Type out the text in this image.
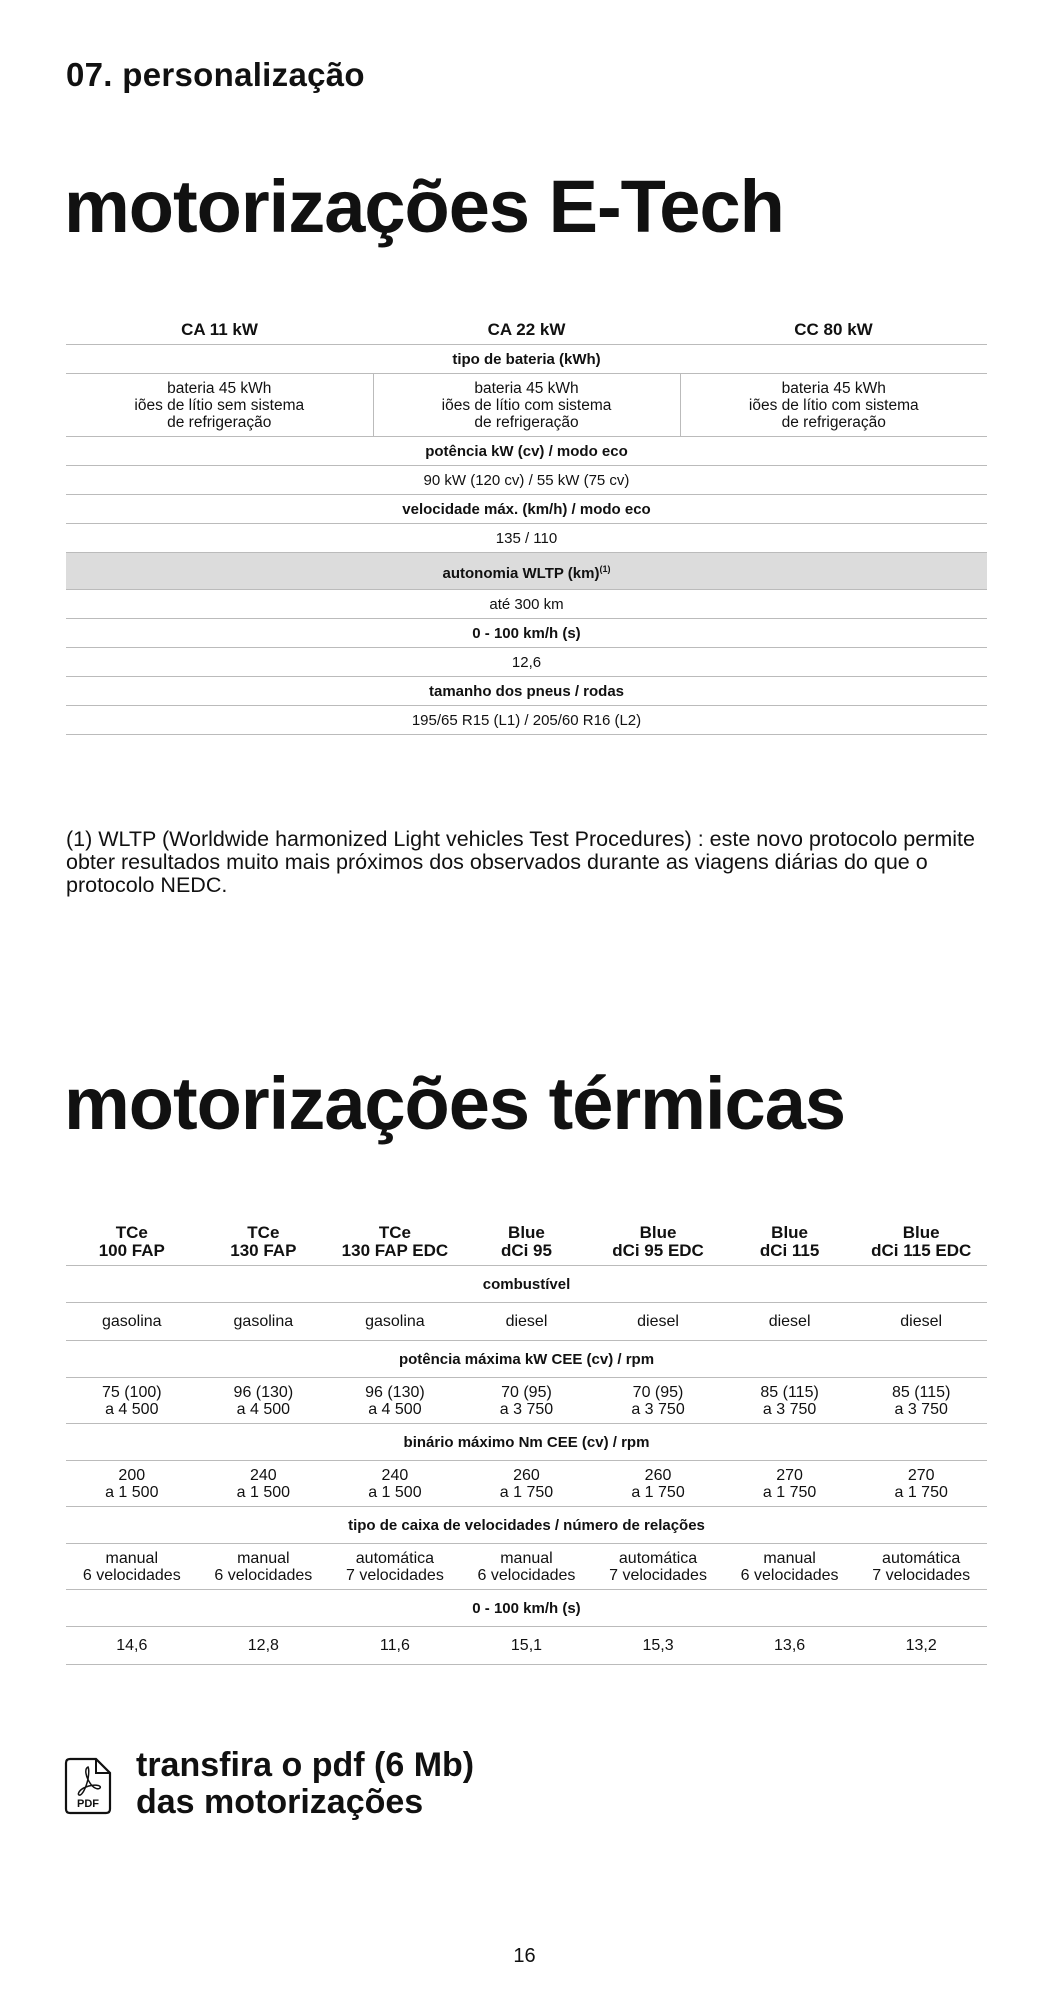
07. personalização

motorizações E-Tech
CA 11 kW	CA 22 kW	CC 80 kW
tipo de bateria (kWh)		
bateria 45 kWh
iões de lítio sem sistema
de refrigeração	bateria 45 kWh
iões de lítio com sistema
de refrigeração	bateria 45 kWh
iões de lítio com sistema
de refrigeração
potência kW (cv) / modo eco		
90 kW (120 cv) / 55 kW (75 cv)		
velocidade máx. (km/h) / modo eco		
135 / 110		
autonomia WLTP (km)$^{(1)}$
até 300 km		
0 - 100 km/h (s)		
12,6		
tamanho dos pneus / rodas		
195/65 R15 (L1) / 205/60 R16 (L2)		

(1) WLTP (Worldwide harmonized Light vehicles Test Procedures) : este novo protocolo permite obter resultados muito mais próximos dos observados durante as viagens diárias do que o protocolo NEDC.

motorizações térmicas
TCe
100 FAP	TCe
130 FAP	TCe
130 FAP EDC	Blue
dCi 95	Blue
dCi 95 EDC	Blue
dCi 115	Blue
dCi 115 EDC
combustível						
gasolina	gasolina	gasolina	diesel	diesel	diesel	diesel
potência máxima kW CEE (cv) / rpm						
75 (100)
a 4 500	96 (130)
a 4 500	96 (130)
a 4 500	70 (95)
a 3 750	70 (95)
a 3 750	85 (115)
a 3 750	85 (115)
a 3 750
binário máximo Nm CEE (cv) / rpm						
200
a 1 500	240
a 1 500	240
a 1 500	260
a 1 750	260
a 1 750	270
a 1 750	270
a 1 750
tipo de caixa de velocidades / número de relações						
manual
6 velocidades	manual
6 velocidades	automática
7 velocidades	manual
6 velocidades	automática
7 velocidades	manual
6 velocidades	automática
7 velocidades
0 - 100 km/h (s)						
14,6	12,8	11,6	15,1	15,3	13,6	13,2
PDF
transfira o pdf (6 Mb)
das motorizações

16
